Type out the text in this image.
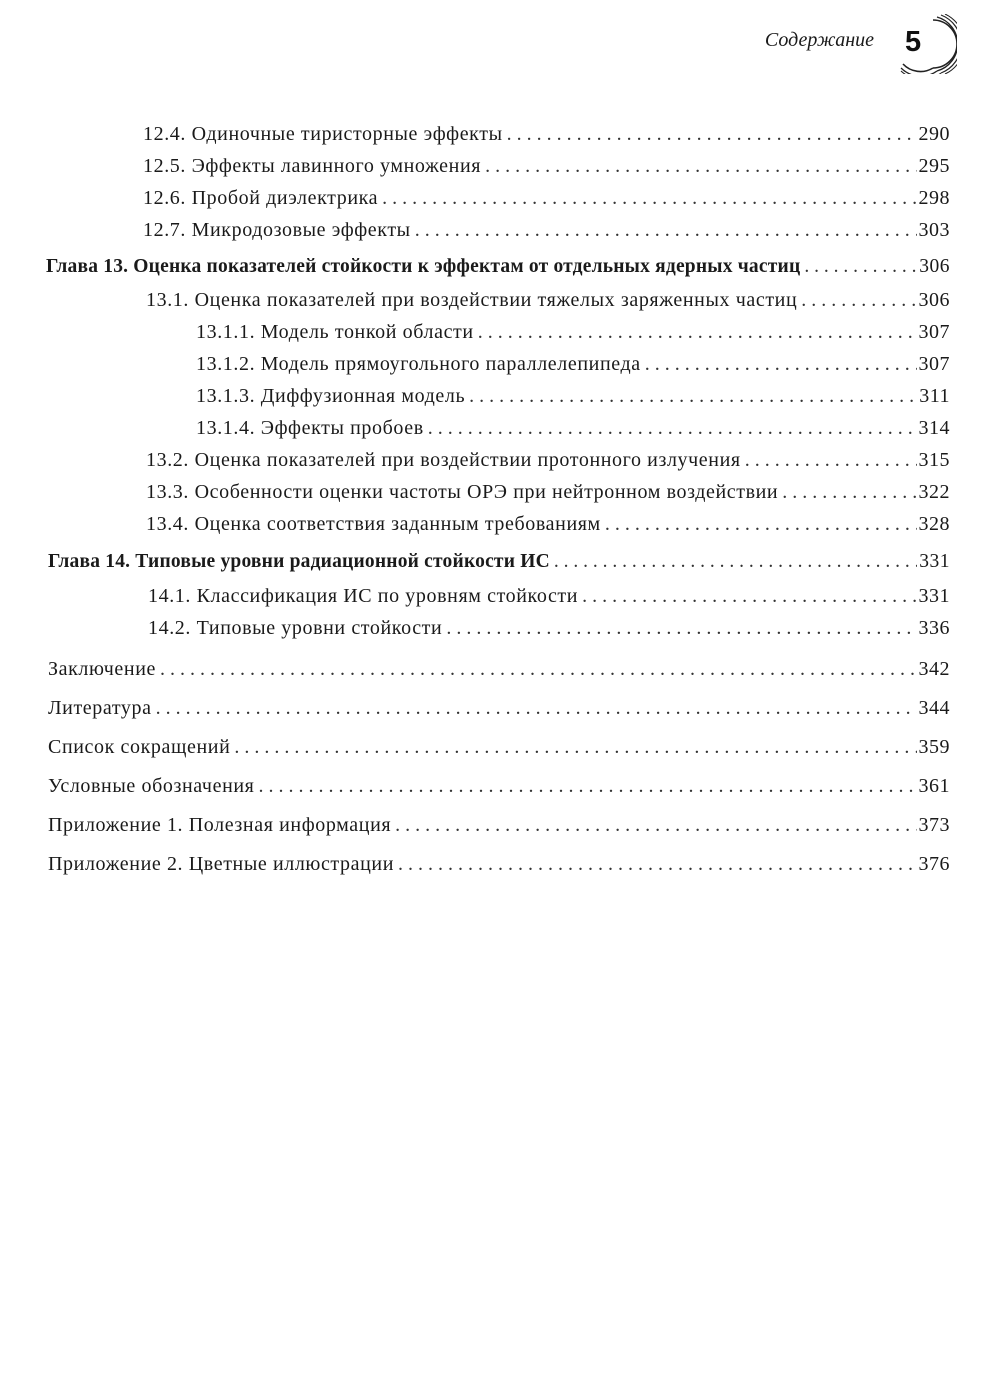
Содержание 5
12.4. Одиночные тиристорные эффекты . . .	290
12.5. Эффекты лавинного умножения . . .	295
12.6. Пробой диэлектрика . . .	298
12.7. Микродозовые эффекты . . .	303
Глава 13. Оценка показателей стойкости к эффектам от отдельных ядерных частиц . . .	306
13.1. Оценка показателей при воздействии тяжелых заряженных частиц . . .	306
13.1.1. Модель тонкой области . . .	307
13.1.2. Модель прямоугольного параллелепипеда . . .	307
13.1.3. Диффузионная модель . . .	311
13.1.4. Эффекты пробоев . . .	314
13.2. Оценка показателей при воздействии протонного излучения . . .	315
13.3. Особенности оценки частоты ОРЭ при нейтронном воздействии . . .	322
13.4. Оценка соответствия заданным требованиям . . .	328
Глава 14. Типовые уровни радиационной стойкости ИС . . .	331
14.1. Классификация ИС по уровням стойкости . . .	331
14.2. Типовые уровни стойкости . . .	336
Заключение . . .	342
Литература . . .	344
Список сокращений . . .	359
Условные обозначения . . .	361
Приложение 1. Полезная информация . . .	373
Приложение 2. Цветные иллюстрации . . .	376
